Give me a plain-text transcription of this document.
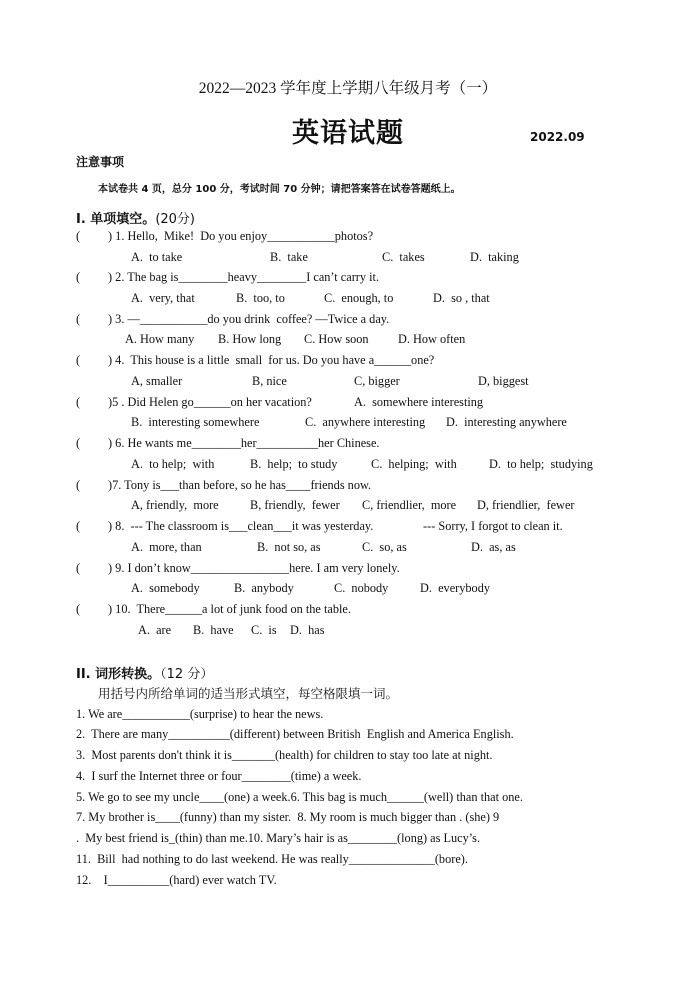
2022—2023 学年度上学期八年级月考（一）
英语试题	2022.09
注意事项
本试卷共 4 页，总分 100 分，考试时间 70 分钟；请把答案答在试卷答题纸上。
I. 单项填空。(20分)
( ) 1. Hello,  Mike!  Do you enjoy___________photos?
A.  to take	B.  take	C.  takes	D.  taking
( ) 2. The bag is________heavy________I can’t carry it.
A.  very, that	B.  too, to	C.  enough, to	D.  so , that
( ) 3. —___________do you drink  coffee? —Twice a day.
A. How many B. How long C. How soon D. How often
( ) 4.  This house is a little  small  for us. Do you have a______one?
A, smaller	B, nice	C, bigger	D, biggest
( )5 . Did Helen go______on her vacation?	A.  somewhere interesting
B.  interesting somewhere	C.  anywhere interesting D.  interesting anywhere
( ) 6. He wants me________her__________her Chinese.
A.  to help;  with	B.  help;  to study	C.  helping;  with	D.  to help;  studying
( )7. Tony is___than before, so he has____friends now.
A, friendly,  more	B, friendly,  fewer C, friendlier,  more D, friendlier,  fewer
( ) 8.  --- The classroom is___clean___it was yesterday.	--- Sorry, I forgot to clean it.
A.  more, than	B.  not so, as	C.  so, as	D.  as, as
( ) 9. I don’t know________________here. I am very lonely.
A.  somebody	B.  anybody	C.  nobody	D.  everybody
( ) 10.  There______a lot of junk food on the table.
A.  are B.  have C.  is D.  has
II. 词形转换。（12 分）
用括号内所给单词的适当形式填空，每空格限填一词。
1. We are___________(surprise) to hear the news.
2.  There are many__________(different) between British  English and America English.
3.  Most parents don't think it is_______(health) for children to stay too late at night.
4.  I surf the Internet three or four________(time) a week.
5. We go to see my uncle____(one) a week.6. This bag is much______(well) than that one.
7. My brother is____(funny) than my sister.  8. My room is much bigger than . (she) 9
.  My best friend is_(thin) than me.10. Mary’s hair is as________(long) as Lucy’s.
11.  Bill  had nothing to do last weekend. He was really______________(bore).
12.    I__________(hard) ever watch TV.
